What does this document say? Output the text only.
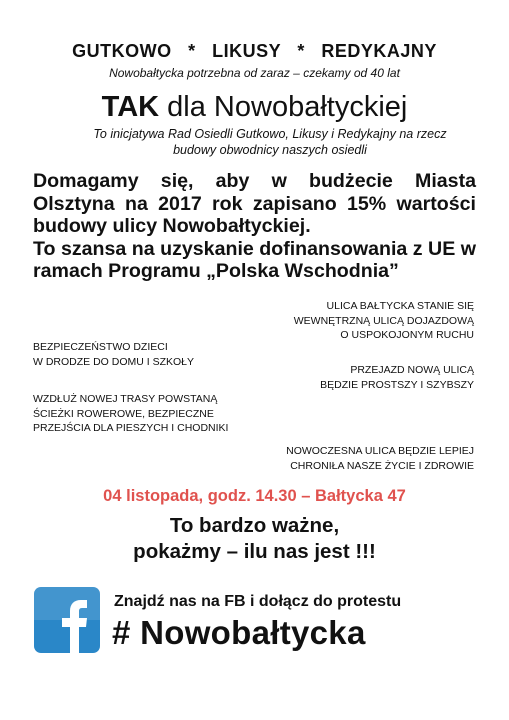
GUTKOWO * LIKUSY * REDYKAJNY
Nowobałtycka potrzebna od zaraz – czekamy od 40 lat
TAK dla Nowobałtyckiej
To inicjatywa Rad Osiedli Gutkowo, Likusy i Redykajny na rzecz budowy obwodnicy naszych osiedli

Domagamy się, aby w budżecie Miasta Olsztyna na 2017 rok zapisano 15% wartości budowy ulicy Nowobałtyckiej.

To szansa na uzyskanie dofinansowania z UE w ramach Programu „Polska Wschodnia”

ULICA BAŁTYCKA STANIE SIĘ
WEWNĘTRZNĄ ULICĄ DOJAZDOWĄ
O USPOKOJONYM RUCHU
BEZPIECZEŃSTWO DZIECI
W DRODZE DO DOMU I SZKOŁY
PRZEJAZD NOWĄ ULICĄ
BĘDZIE PROSTSZY I SZYBSZY
WZDŁUŻ NOWEJ TRASY POWSTANĄ
ŚCIEŻKI ROWEROWE, BEZPIECZNE
PRZEJŚCIA DLA PIESZYCH I CHODNIKI
NOWOCZESNA ULICA BĘDZIE LEPIEJ
CHRONIŁA NASZE ŻYCIE I ZDROWIE
04 listopada, godz. 14.30 – Bałtycka 47
To bardzo ważne,
pokażmy – ilu nas jest !!!
Znajdź nas na FB i dołącz do protestu
# Nowobałtycka
